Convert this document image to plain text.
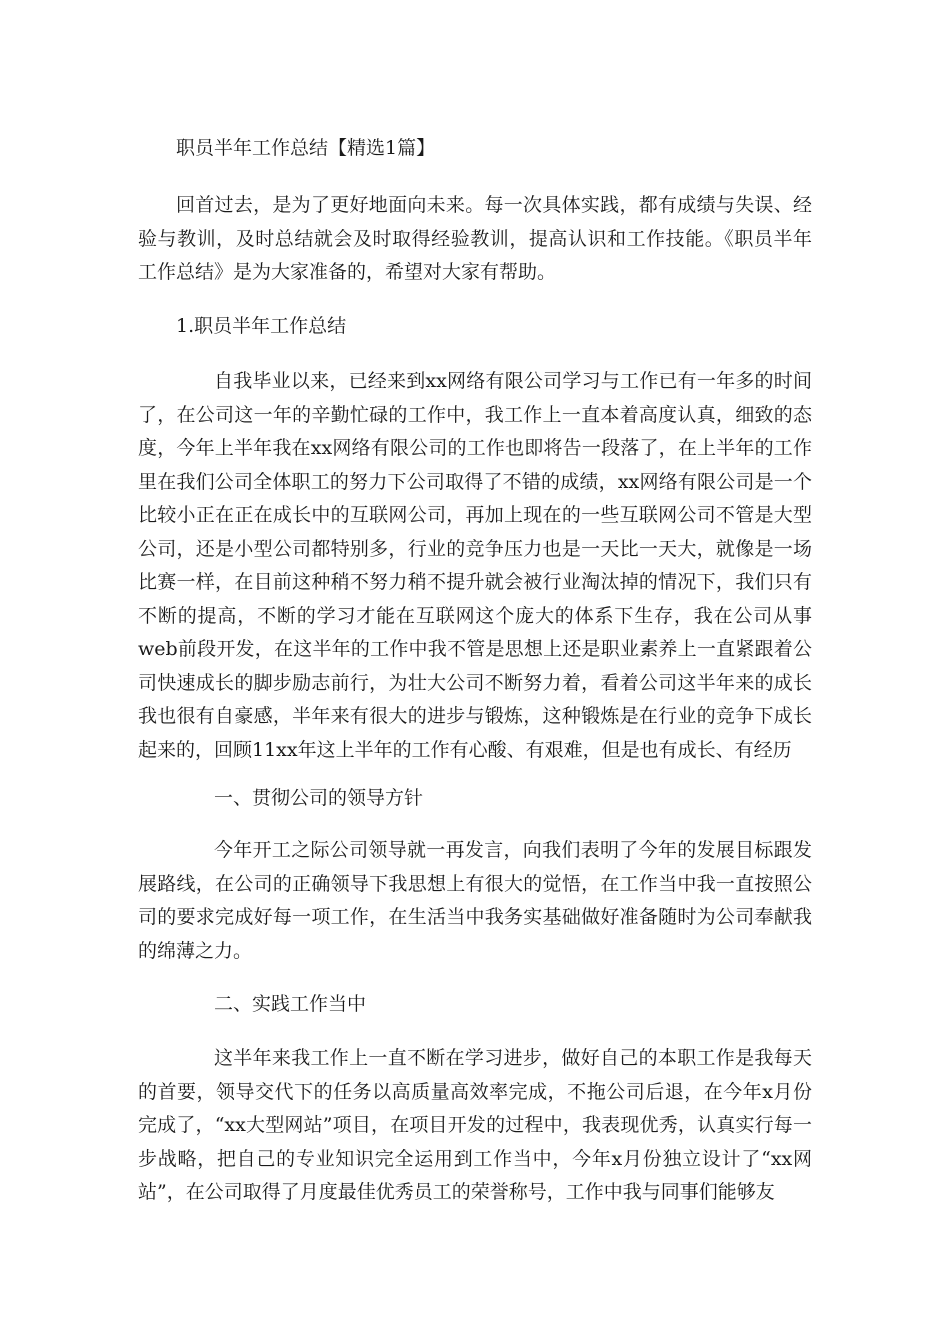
职员半年工作总结【精选1篇】

回首过去，是为了更好地面向未来。每一次具体实践，都有成绩与失误、经验与教训，及时总结就会及时取得经验教训，提高认识和工作技能。《职员半年工作总结》是为大家准备的，希望对大家有帮助。

1.职员半年工作总结

自我毕业以来，已经来到xx网络有限公司学习与工作已有一年多的时间了，在公司这一年的辛勤忙碌的工作中，我工作上一直本着高度认真，细致的态度，今年上半年我在xx网络有限公司的工作也即将告一段落了，在上半年的工作里在我们公司全体职工的努力下公司取得了不错的成绩，xx网络有限公司是一个比较小正在正在成长中的互联网公司，再加上现在的一些互联网公司不管是大型公司，还是小型公司都特别多，行业的竞争压力也是一天比一天大，就像是一场比赛一样，在目前这种稍不努力稍不提升就会被行业淘汰掉的情况下，我们只有不断的提高，不断的学习才能在互联网这个庞大的体系下生存，我在公司从事web前段开发，在这半年的工作中我不管是思想上还是职业素养上一直紧跟着公司快速成长的脚步励志前行，为壮大公司不断努力着，看着公司这半年来的成长我也很有自豪感，半年来有很大的进步与锻炼，这种锻炼是在行业的竞争下成长起来的，回顾11xx年这上半年的工作有心酸、有艰难，但是也有成长、有经历

一、贯彻公司的领导方针

今年开工之际公司领导就一再发言，向我们表明了今年的发展目标跟发展路线，在公司的正确领导下我思想上有很大的觉悟，在工作当中我一直按照公司的要求完成好每一项工作，在生活当中我务实基础做好准备随时为公司奉献我的绵薄之力。

二、实践工作当中

这半年来我工作上一直不断在学习进步，做好自己的本职工作是我每天的首要，领导交代下的任务以高质量高效率完成，不拖公司后退，在今年x月份完成了，“xx大型网站”项目，在项目开发的过程中，我表现优秀，认真实行每一步战略，把自己的专业知识完全运用到工作当中，今年x月份独立设计了“xx网站”，在公司取得了月度最佳优秀员工的荣誉称号，工作中我与同事们能够友
